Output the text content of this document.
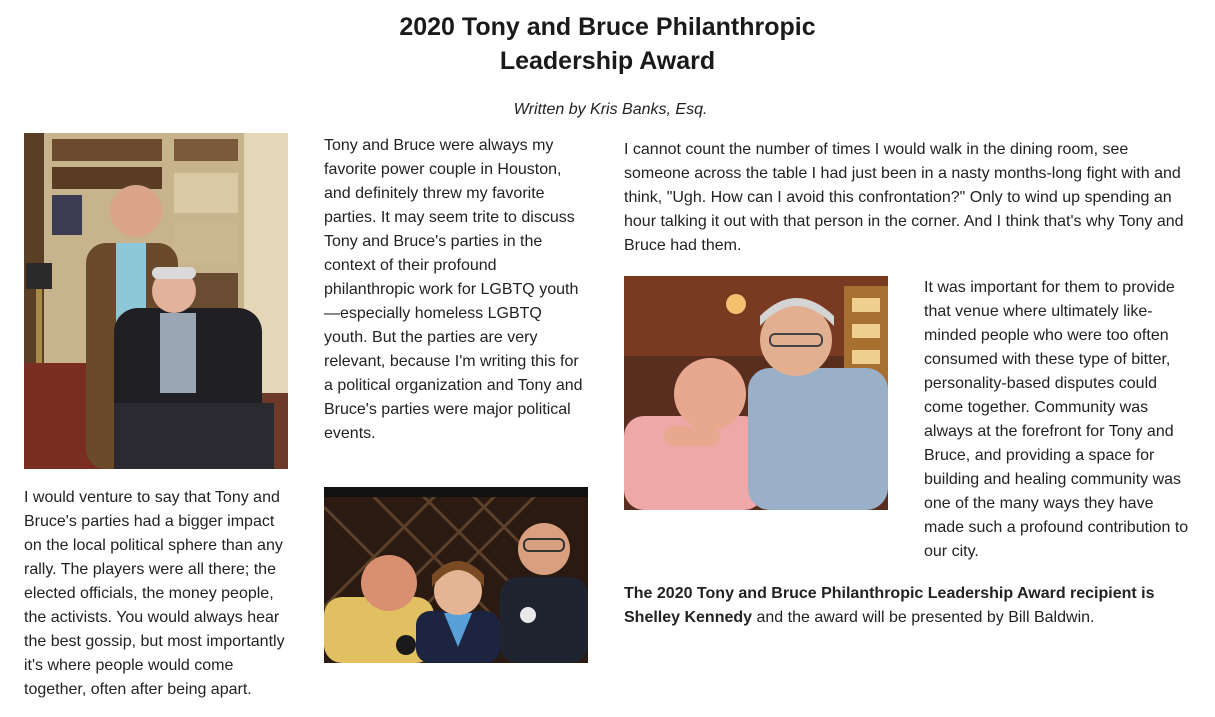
2020 Tony and Bruce Philanthropic
Leadership Award
Written by Kris Banks, Esq.
I would venture to say that Tony and Bruce's parties had a bigger impact on the local political sphere than any rally. The players were all there; the elected officials, the money people, the activists. You would always hear the best gossip, but most importantly it's where people would come together, often after being apart.
Tony and Bruce were always my favorite power couple in Houston, and definitely threw my favorite parties. It may seem trite to discuss Tony and Bruce's parties in the context of their profound philanthropic work for LGBTQ youth—especially homeless LGBTQ youth. But the parties are very relevant, because I'm writing this for a political organization and Tony and Bruce's parties were major political events.
I cannot count the number of times I would walk in the dining room, see someone across the table I had just been in a nasty months-long fight with and think, "Ugh. How can I avoid this confrontation?" Only to wind up spending an hour talking it out with that person in the corner. And I think that's why Tony and Bruce had them.
It was important for them to provide that venue where ultimately like-minded people who were too often consumed with these type of bitter, personality-based disputes could come together. Community was always at the forefront for Tony and Bruce, and providing a space for building and healing community was one of the many ways they have made such a profound contribution to our city.
The 2020 Tony and Bruce Philanthropic Leadership Award recipient is Shelley Kennedy and the award will be presented by Bill Baldwin.
